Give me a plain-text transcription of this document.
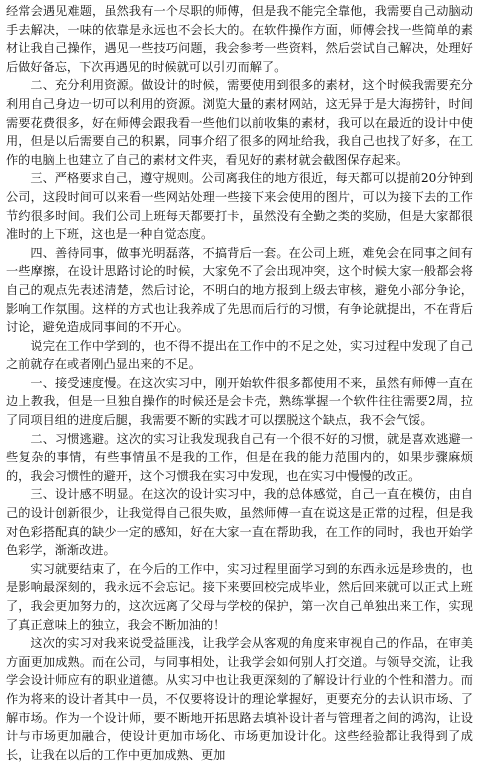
经常会遇见难题，虽然我有一个尽职的师傅，但是我不能完全靠他，我需要自己动脑动手去解决，一味的依靠是永远也不会长大的。在软件操作方面，师傅会找一些简单的素材让我自己操作，遇见一些技巧问题，我会参考一些资料，然后尝试自己解决，处理好后做好备忘，下次再遇见的时候就可以引刃而解了。

二、充分利用资源。做设计的时候，需要使用到很多的素材，这个时候我需要充分利用自己身边一切可以利用的资源。浏览大量的素材网站，这无异于是大海捞针，时间需要花费很多，好在师傅会跟我看一些他们以前收集的素材，我可以在最近的设计中使用，但是以后需要自己的积累，同事介绍了很多的网址给我，我自己也找了好多，在工作的电脑上也建立了自己的素材文件夹，看见好的素材就会截图保存起来。

三、严格要求自己，遵守规则。公司离我住的地方很近，每天都可以提前20分钟到公司，这段时间可以来看一些网站处理一些接下来会使用的图片，可以为接下去的工作节约很多时间。我们公司上班每天都要打卡，虽然没有全勤之类的奖励，但是大家都很准时的上下班，这也是一种自觉态度。

四、善待同事，做事光明磊落，不搞背后一套。在公司上班，难免会在同事之间有一些摩擦，在设计思路讨论的时候，大家免不了会出现冲突，这个时候大家一般都会将自己的观点先表述清楚，然后讨论，不明白的地方报到上级去审核，避免小部分争论，影响工作氛围。这样的方式也让我养成了先思而后行的习惯，有争论就提出，不在背后讨论，避免造成同事间的不开心。

说完在工作中学到的，也不得不提出在工作中的不足之处，实习过程中发现了自己之前就存在或者刚凸显出来的不足。

一、接受速度慢。在这次实习中，刚开始软件很多都使用不来，虽然有师傅一直在边上教我，但是一旦独自操作的时候还是会卡壳，熟练掌握一个软件往往需要2周，拉了同项目组的进度后腿，我需要不断的实践才可以摆脱这个缺点，我不会气馁。

二、习惯逃避。这次的实习让我发现我自己有一个很不好的习惯，就是喜欢逃避一些复杂的事情，有些事情虽不是我的工作，但是在我的能力范围内的，如果步骤麻烦的，我会习惯性的避开，这个习惯我在实习中发现，也在实习中慢慢的改正。

三、设计感不明显。在这次的设计实习中，我的总体感觉，自己一直在模仿，由自己的设计创新很少，让我觉得自己很失败，虽然师傅一直在说这是正常的过程，但是我对色彩搭配真的缺少一定的感知，好在大家一直在帮助我，在工作的同时，我也开始学色彩学，渐渐改进。

实习就要结束了，在今后的工作中，实习过程里面学习到的东西永远是珍贵的，也是影响最深刻的，我永远不会忘记。接下来要回校完成毕业，然后回来就可以正式上班了，我会更加努力的，这次远离了父母与学校的保护，第一次自己单独出来工作，实现了真正意味上的独立，我会不断加油的！

这次的实习对我来说受益匪浅，让我学会从客观的角度来审视自己的作品，在审美方面更加成熟。而在公司，与同事相处，让我学会如何别人打交道。与领导交流，让我学会设计师应有的职业道德。从实习中也让我更深刻的了解设计行业的个性和潜力。而作为将来的设计者其中一员，不仅要将设计的理论掌握好，更要充分的去认识市场、了解市场。作为一个设计师，要不断地开拓思路去填补设计者与管理者之间的鸿沟，让设计与市场更加融合，使设计更加市场化、市场更加设计化。这些经验都让我得到了成长，让我在以后的工作中更加成熟、更加
